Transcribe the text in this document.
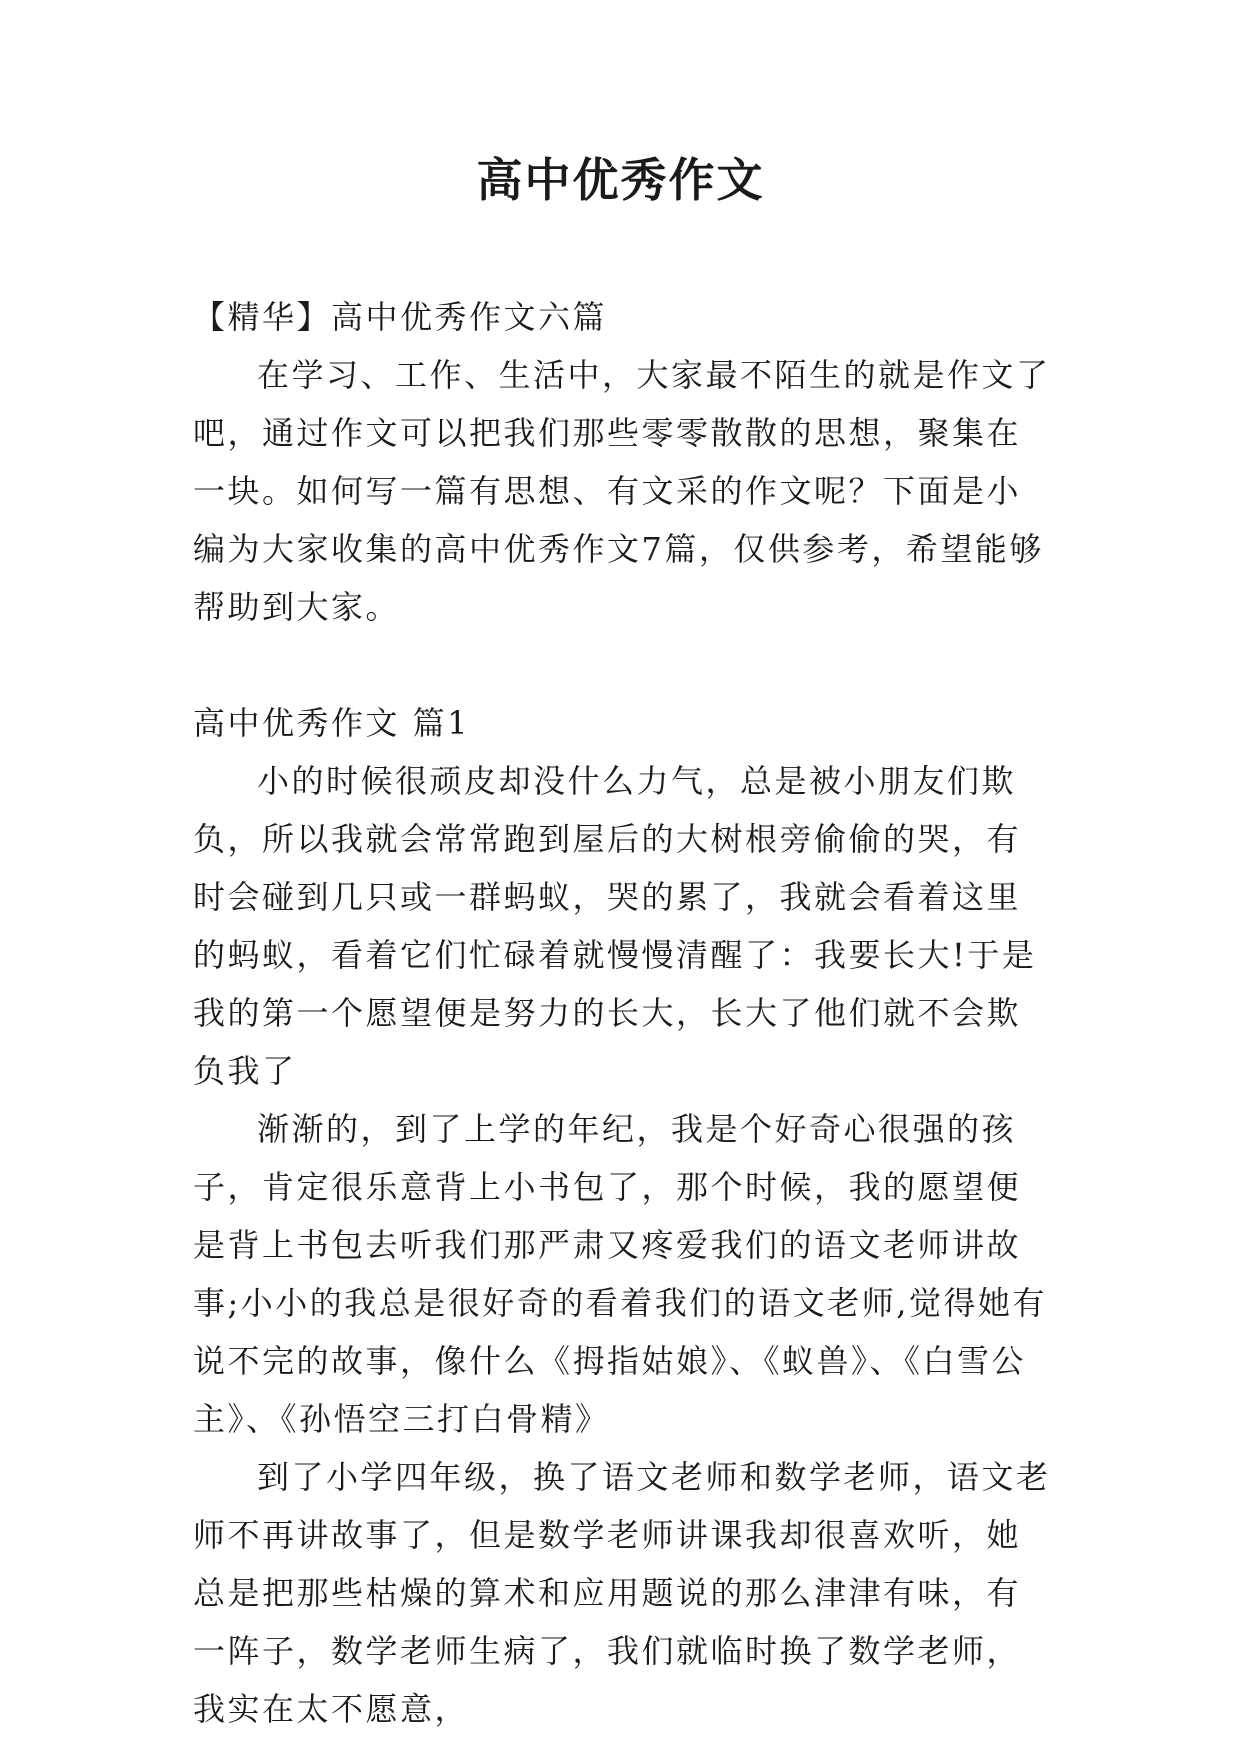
高中优秀作文

【精华】高中优秀作文六篇

在学习、工作、生活中，大家最不陌生的就是作文了吧，通过作文可以把我们那些零零散散的思想，聚集在一块。如何写一篇有思想、有文采的作文呢？下面是小编为大家收集的高中优秀作文7篇，仅供参考，希望能够帮助到大家。

高中优秀作文 篇1

小的时候很顽皮却没什么力气，总是被小朋友们欺负，所以我就会常常跑到屋后的大树根旁偷偷的哭，有时会碰到几只或一群蚂蚁，哭的累了，我就会看着这里的蚂蚁，看着它们忙碌着就慢慢清醒了：我要长大!于是我的第一个愿望便是努力的长大，长大了他们就不会欺负我了

渐渐的，到了上学的年纪，我是个好奇心很强的孩子，肯定很乐意背上小书包了，那个时候，我的愿望便是背上书包去听我们那严肃又疼爱我们的语文老师讲故事;小小的我总是很好奇的看着我们的语文老师,觉得她有说不完的故事，像什么《拇指姑娘》、《蚁兽》、《白雪公主》、《孙悟空三打白骨精》

到了小学四年级，换了语文老师和数学老师，语文老师不再讲故事了，但是数学老师讲课我却很喜欢听，她总是把那些枯燥的算术和应用题说的那么津津有味，有一阵子，数学老师生病了，我们就临时换了数学老师，我实在太不愿意，
